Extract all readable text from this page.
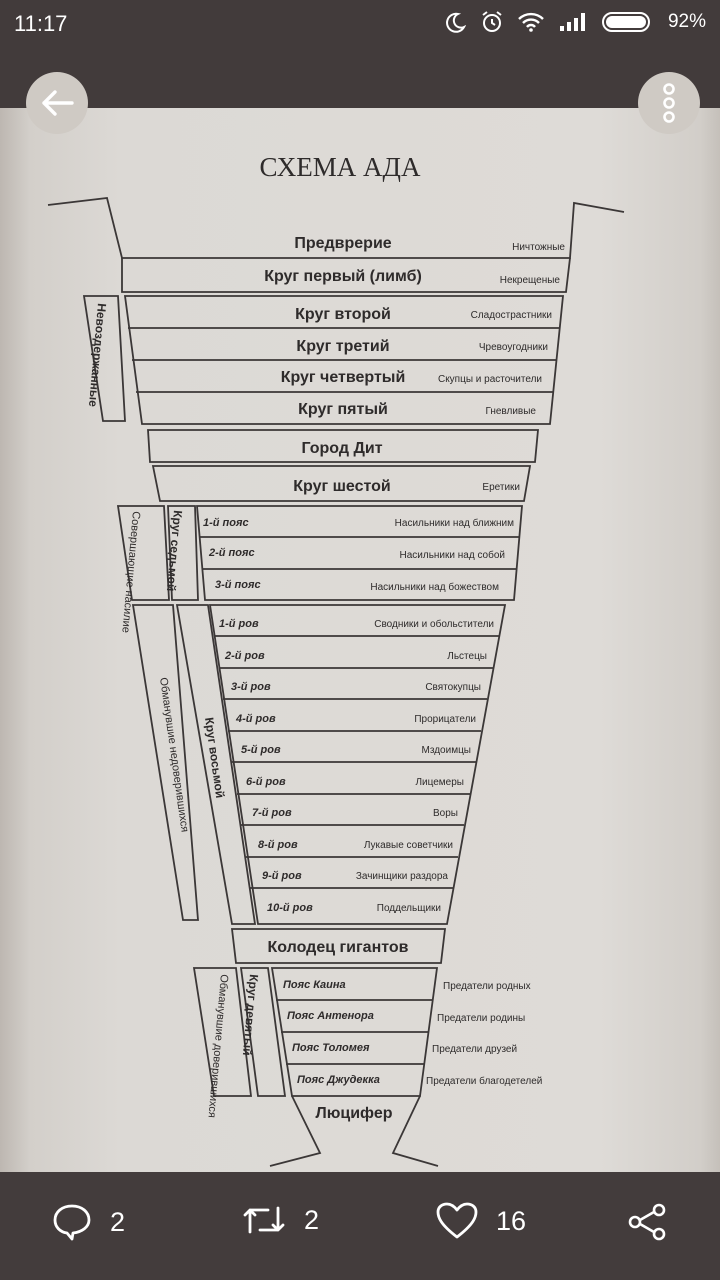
11:17	92%
СХЕМА АДА
Предврерие	Ничтожные
Круг первый (лимб)	Некрещеные
Невоздержанные	Круг второй	Сладострастники
Круг третий	Чревоугодники
Круг четвертый	Скупцы и расточители
Круг пятый	Гневливые
Город Дит
Круг шестой	Еретики
Совершающие насилие Круг седьмой 1-й пояс	Насильники над ближним
2-й пояс	Насильники над собой
3-й пояс	Насильники над божеством
Обманувшие недоверившихся Круг восьмой
1-й ров	Сводники и обольстители
2-й ров	Льстецы
3-й ров	Святокупцы
4-й ров	Прорицатели
5-й ров	Мздоимцы
6-й ров	Лицемеры
7-й ров	Воры
8-й ров	Лукавые советчики
9-й ров	Зачинщики раздора
10-й ров	Поддельщики
Колодец гигантов
Обманувшие доверившихся Круг девятый Пояс Каина	Предатели родных
Пояс Антенора	Предатели родины
Пояс Толомея	Предатели друзей
Пояс Джудекка	Предатели благодетелей
Люцифер
2	2	16
